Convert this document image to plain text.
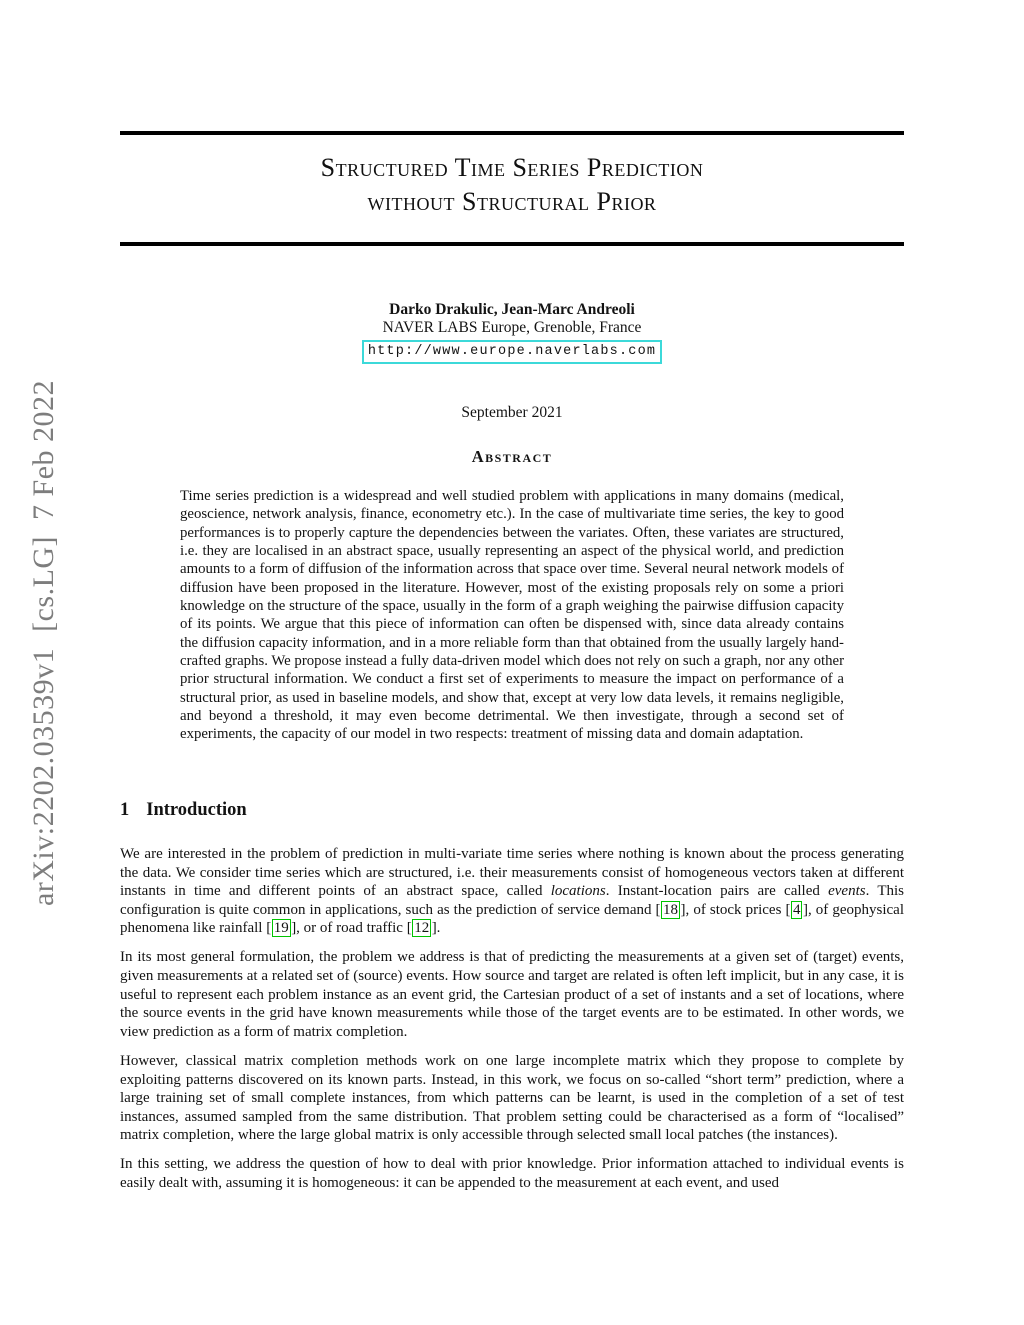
arXiv:2202.03539v1  [cs.LG]  7 Feb 2022
Structured Time Series Prediction
without Structural Prior
Darko Drakulic, Jean-Marc Andreoli
NAVER LABS Europe, Grenoble, France
http://www.europe.naverlabs.com
September 2021
Abstract
Time series prediction is a widespread and well studied problem with applications in many domains (medical, geoscience, network analysis, finance, econometry etc.). In the case of multivariate time series, the key to good performances is to properly capture the dependencies between the variates. Often, these variates are structured, i.e. they are localised in an abstract space, usually representing an aspect of the physical world, and prediction amounts to a form of diffusion of the information across that space over time. Several neural network models of diffusion have been proposed in the literature. However, most of the existing proposals rely on some a priori knowledge on the structure of the space, usually in the form of a graph weighing the pairwise diffusion capacity of its points. We argue that this piece of information can often be dispensed with, since data already contains the diffusion capacity information, and in a more reliable form than that obtained from the usually largely hand-crafted graphs. We propose instead a fully data-driven model which does not rely on such a graph, nor any other prior structural information. We conduct a first set of experiments to measure the impact on performance of a structural prior, as used in baseline models, and show that, except at very low data levels, it remains negligible, and beyond a threshold, it may even become detrimental. We then investigate, through a second set of experiments, the capacity of our model in two respects: treatment of missing data and domain adaptation.
1 Introduction

We are interested in the problem of prediction in multi-variate time series where nothing is known about the process generating the data. We consider time series which are structured, i.e. their measurements consist of homogeneous vectors taken at different instants in time and different points of an abstract space, called locations. Instant-location pairs are called events. This configuration is quite common in applications, such as the prediction of service demand [ 18 ], of stock prices [ 4 ], of geophysical phenomena like rainfall [ 19 ], or of road traffic [ 12 ].

In its most general formulation, the problem we address is that of predicting the measurements at a given set of (target) events, given measurements at a related set of (source) events. How source and target are related is often left implicit, but in any case, it is useful to represent each problem instance as an event grid, the Cartesian product of a set of instants and a set of locations, where the source events in the grid have known measurements while those of the target events are to be estimated. In other words, we view prediction as a form of matrix completion.

However, classical matrix completion methods work on one large incomplete matrix which they propose to complete by exploiting patterns discovered on its known parts. Instead, in this work, we focus on so-called “short term” prediction, where a large training set of small complete instances, from which patterns can be learnt, is used in the completion of a set of test instances, assumed sampled from the same distribution. That problem setting could be characterised as a form of “localised” matrix completion, where the large global matrix is only accessible through selected small local patches (the instances).

In this setting, we address the question of how to deal with prior knowledge. Prior information attached to individual events is easily dealt with, assuming it is homogeneous: it can be appended to the measurement at each event, and used
